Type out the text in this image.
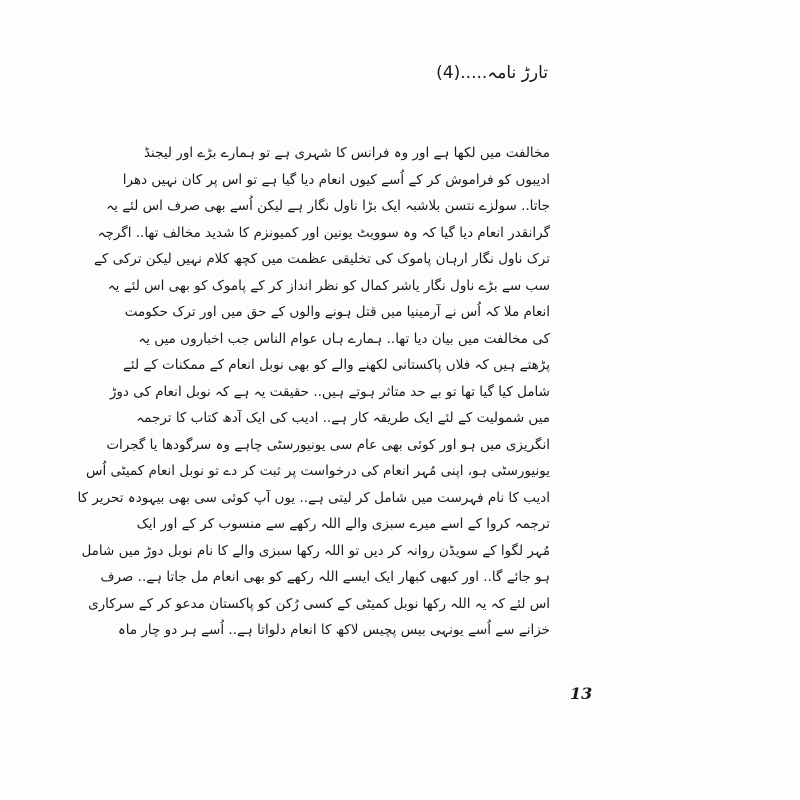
تارڑ نامہ.....(4)
مخالفت میں لکھا ہے اور وہ فرانس کا شہری ہے تو ہمارے بڑے اور لیجنڈ
ادیبوں کو فراموش کر کے اُسے کیوں انعام دیا گیا ہے تو اس پر کان نہیں دھرا
جاتا.. سولزے نتسن بلاشبہ ایک بڑا ناول نگار ہے لیکن اُسے بھی صرف اس لئے یہ
گرانقدر انعام دیا گیا کہ وہ سوویٹ یونین اور کمیونزم کا شدید مخالف تھا.. اگرچہ
ترک ناول نگار ارہان پاموک کی تخلیقی عظمت میں کچھ کلام نہیں لیکن ترکی کے
سب سے بڑے ناول نگار یاشر کمال کو نظر انداز کر کے پاموک کو بھی اس لئے یہ
انعام ملا کہ اُس نے آرمینیا میں قتل ہونے والوں کے حق میں اور ترک حکومت
کی مخالفت میں بیان دیا تھا.. ہمارے ہاں عوام الناس جب اخباروں میں یہ
پڑھتے ہیں کہ فلاں پاکستانی لکھنے والے کو بھی نوبل انعام کے ممکنات کے لئے
شامل کیا گیا تھا تو بے حد متاثر ہوتے ہیں.. حقیقت یہ ہے کہ نوبل انعام کی دوڑ
میں شمولیت کے لئے ایک طریقہ کار ہے.. ادیب کی ایک آدھ کتاب کا ترجمہ
انگریزی میں ہو اور کوئی بھی عام سی یونیورسٹی چاہے وہ سرگودھا یا گجرات
یونیورسٹی ہو، اپنی مُہر انعام کی درخواست پر ثبت کر دے تو نوبل انعام کمیٹی اُس
ادیب کا نام فہرست میں شامل کر لیتی ہے.. یوں آپ کوئی سی بھی بیہودہ تحریر کا
ترجمہ کروا کے اسے میرے سبزی والے اللہ رکھے سے منسوب کر کے اور ایک
مُہر لگوا کے سویڈن روانہ کر دیں تو اللہ رکھا سبزی والے کا نام نوبل دوڑ میں شامل
ہو جائے گا.. اور کبھی کبھار ایک ایسے اللہ رکھے کو بھی انعام مل جاتا ہے.. صرف
اس لئے کہ یہ اللہ رکھا نوبل کمیٹی کے کسی رُکن کو پاکستان مدعو کر کے سرکاری
خزانے سے اُسے یونہی بیس پچیس لاکھ کا انعام دلواتا ہے.. اُسے ہر دو چار ماہ
13
